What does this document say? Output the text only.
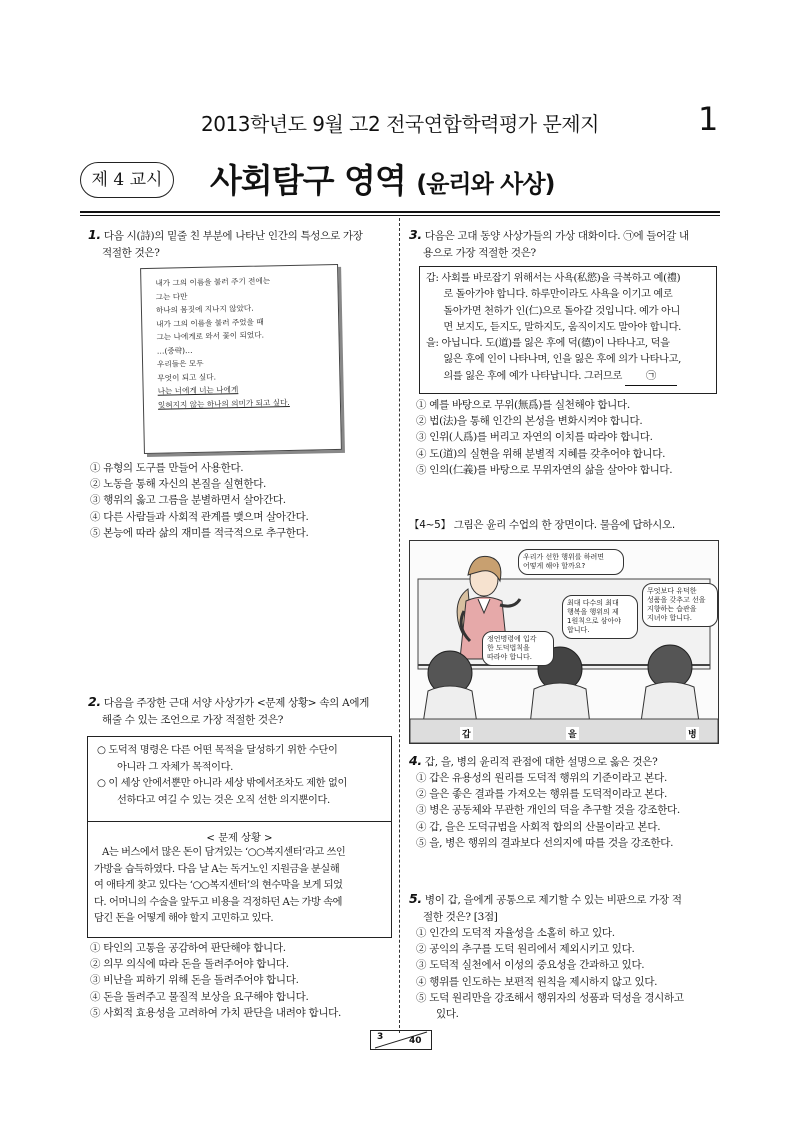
2013학년도 9월 고2 전국연합학력평가 문제지	1
제 4 교시	사회탐구 영역 (윤리와 사상)
1. 다음 시(詩)의 밑줄 친 부분에 나타난 인간의 특성으로 가장
적절한 것은?
내가 그의 이름을 불러 주기 전에는
그는 다만
하나의 몸짓에 지나지 않았다.
내가 그의 이름을 불러 주었을 때
그는 나에게로 와서 꽃이 되었다.
…(중략)…
우리들은 모두
무엇이 되고 싶다.
나는 너에게 너는 나에게
잊혀지지 않는 하나의 의미가 되고 싶다.
① 유형의 도구를 만들어 사용한다.
② 노동을 통해 자신의 본질을 실현한다.
③ 행위의 옳고 그름을 분별하면서 살아간다.
④ 다른 사람들과 사회적 관계를 맺으며 살아간다.
⑤ 본능에 따라 삶의 재미를 적극적으로 추구한다.
2. 다음을 주장한 근대 서양 사상가가 <문제 상황> 속의 A에게
해줄 수 있는 조언으로 가장 적절한 것은?
○ 도덕적 명령은 다른 어떤 목적을 달성하기 위한 수단이
아니라 그 자체가 목적이다.
○ 이 세상 안에서뿐만 아니라 세상 밖에서조차도 제한 없이
선하다고 여길 수 있는 것은 오직 선한 의지뿐이다.
< 문제 상황 >
A는 버스에서 많은 돈이 담겨있는 ‘○○복지센터’라고 쓰인
가방을 습득하였다. 다음 날 A는 독거노인 지원금을 분실해
여 애타게 찾고 있다는 ‘○○복지센터’의 현수막을 보게 되었
다. 어머니의 수술을 앞두고 비용을 걱정하던 A는 가방 속에
담긴 돈을 어떻게 해야 할지 고민하고 있다.
① 타인의 고통을 공감하여 판단해야 합니다.
② 의무 의식에 따라 돈을 돌려주어야 합니다.
③ 비난을 피하기 위해 돈을 돌려주어야 합니다.
④ 돈을 돌려주고 물질적 보상을 요구해야 합니다.
⑤ 사회적 효용성을 고려하여 가치 판단을 내려야 합니다.
3. 다음은 고대 동양 사상가들의 가상 대화이다. ㉠에 들어갈 내
용으로 가장 적절한 것은?
갑: 사회를 바로잡기 위해서는 사욕(私慾)을 극복하고 예(禮)
로 돌아가야 합니다. 하루만이라도 사욕을 이기고 예로
돌아가면 천하가 인(仁)으로 돌아갈 것입니다. 예가 아니
면 보지도, 듣지도, 말하지도, 움직이지도 말아야 합니다.
을: 아닙니다. 도(道)를 잃은 후에 덕(德)이 나타나고, 덕을
잃은 후에 인이 나타나며, 인을 잃은 후에 의가 나타나고,
의를 잃은 후에 예가 나타납니다. 그러므로 ㉠
① 예를 바탕으로 무위(無爲)를 실천해야 합니다.
② 법(法)을 통해 인간의 본성을 변화시켜야 합니다.
③ 인위(人爲)를 버리고 자연의 이치를 따라야 합니다.
④ 도(道)의 실현을 위해 분별적 지혜를 갖추어야 합니다.
⑤ 인의(仁義)를 바탕으로 무위자연의 삶을 살아야 합니다.
【4~5】 그림은 윤리 수업의 한 장면이다. 물음에 답하시오.
우리가 선한 행위를 하려면
어떻게 해야 할까요?
정언명령에 입각
한 도덕법칙을
따라야 합니다.
최대 다수의 최대
행복을 행위의 제
1원칙으로 삼아야
합니다.
무엇보다 유덕한
성품을 갖추고 선을
지향하는 습관을
지녀야 합니다.
갑	을	병
4. 갑, 을, 병의 윤리적 관점에 대한 설명으로 옳은 것은?
① 갑은 유용성의 원리를 도덕적 행위의 기준이라고 본다.
② 을은 좋은 결과를 가져오는 행위를 도덕적이라고 본다.
③ 병은 공동체와 무관한 개인의 덕을 추구할 것을 강조한다.
④ 갑, 을은 도덕규범을 사회적 합의의 산물이라고 본다.
⑤ 을, 병은 행위의 결과보다 선의지에 따를 것을 강조한다.
5. 병이 갑, 을에게 공통으로 제기할 수 있는 비판으로 가장 적
절한 것은? [3점]
① 인간의 도덕적 자율성을 소홀히 하고 있다.
② 공익의 추구를 도덕 원리에서 제외시키고 있다.
③ 도덕적 실천에서 이성의 중요성을 간과하고 있다.
④ 행위를 인도하는 보편적 원칙을 제시하지 않고 있다.
⑤ 도덕 원리만을 강조해서 행위자의 성품과 덕성을 경시하고
있다.
3	40
